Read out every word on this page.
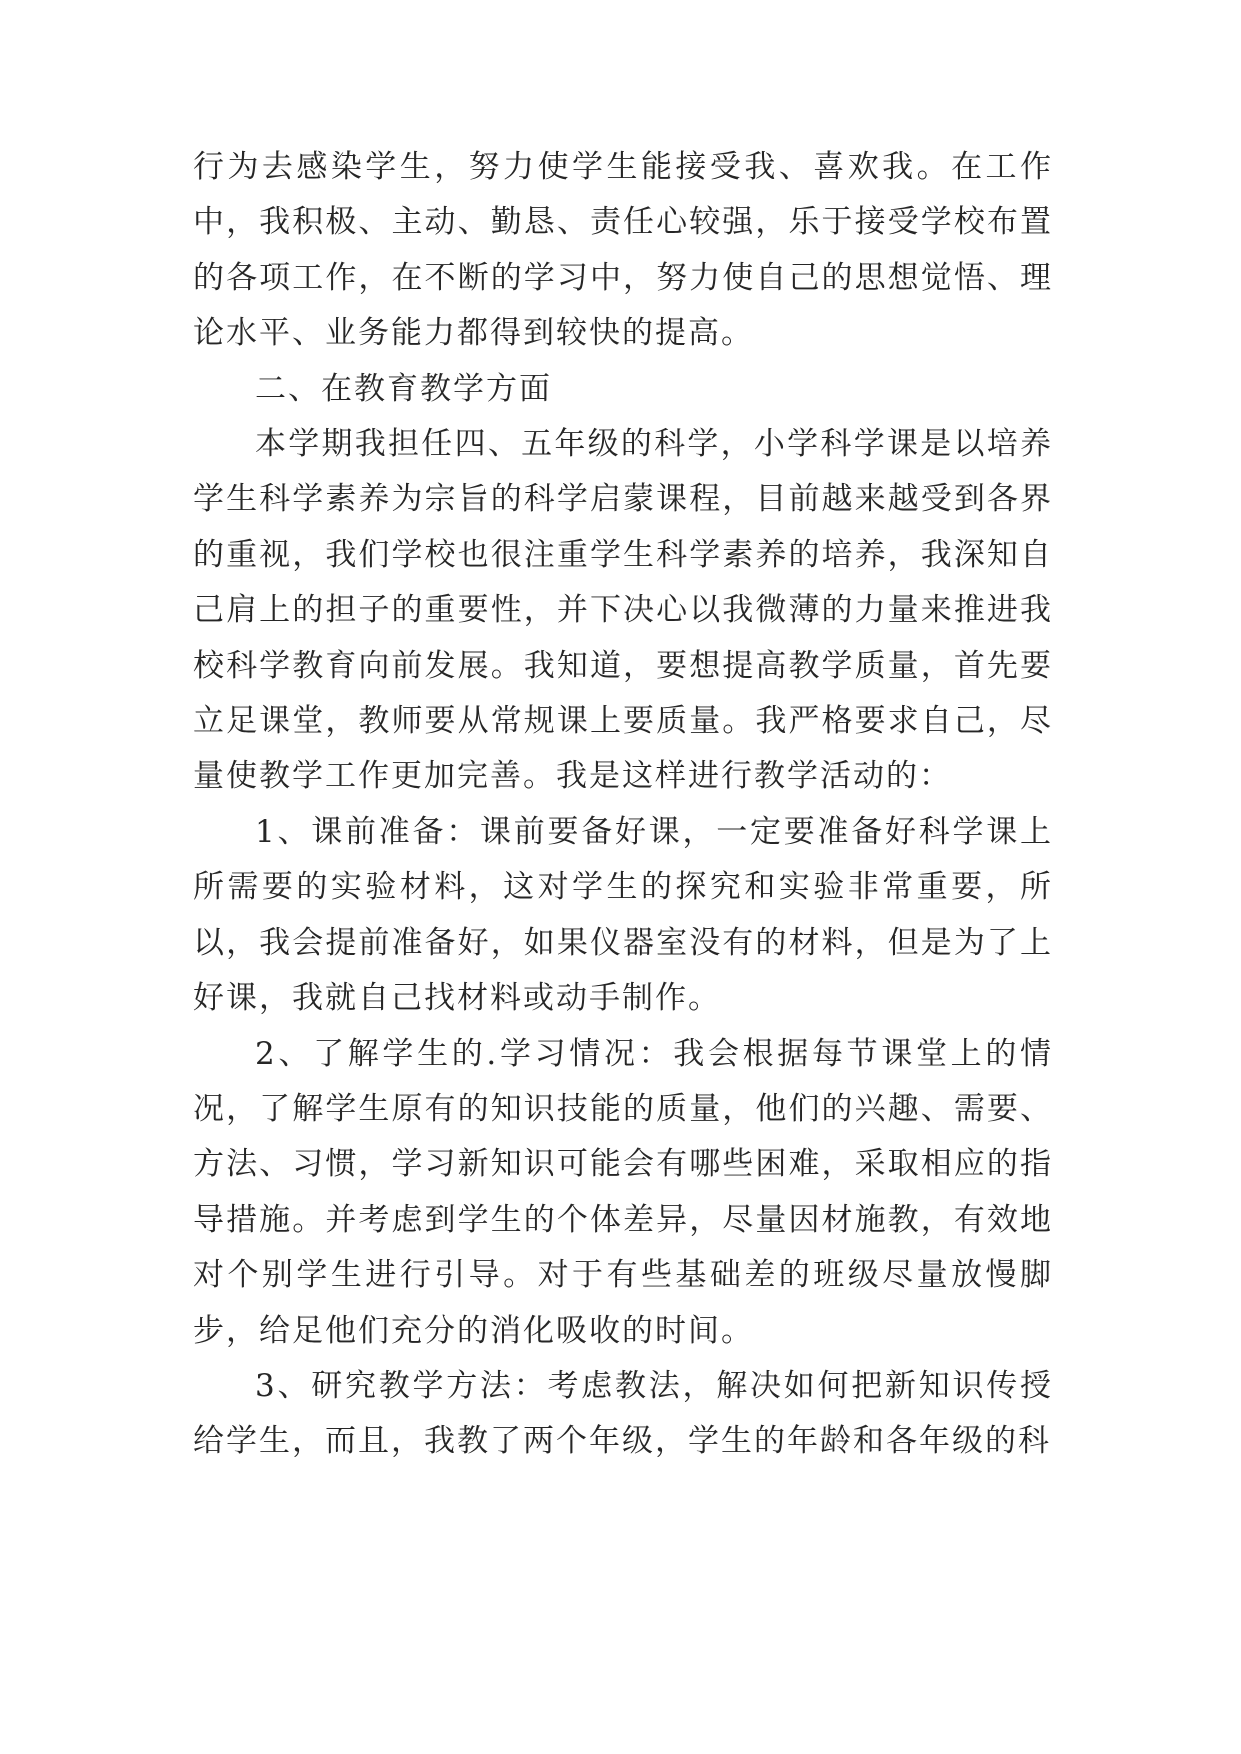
行为去感染学生，努力使学生能接受我、喜欢我。在工作中，我积极、主动、勤恳、责任心较强，乐于接受学校布置的各项工作，在不断的学习中，努力使自己的思想觉悟、理论水平、业务能力都得到较快的提高。

二、在教育教学方面

本学期我担任四、五年级的科学，小学科学课是以培养学生科学素养为宗旨的科学启蒙课程，目前越来越受到各界的重视，我们学校也很注重学生科学素养的培养，我深知自己肩上的担子的重要性，并下决心以我微薄的力量来推进我校科学教育向前发展。我知道，要想提高教学质量，首先要立足课堂，教师要从常规课上要质量。我严格要求自己，尽量使教学工作更加完善。我是这样进行教学活动的：

1、课前准备：课前要备好课，一定要准备好科学课上所需要的实验材料，这对学生的探究和实验非常重要，所以，我会提前准备好，如果仪器室没有的材料，但是为了上好课，我就自己找材料或动手制作。

2、了解学生的.学习情况：我会根据每节课堂上的情况，了解学生原有的知识技能的质量，他们的兴趣、需要、方法、习惯，学习新知识可能会有哪些困难，采取相应的指导措施。并考虑到学生的个体差异，尽量因材施教，有效地对个别学生进行引导。对于有些基础差的班级尽量放慢脚步，给足他们充分的消化吸收的时间。

3、研究教学方法：考虑教法，解决如何把新知识传授给学生，而且，我教了两个年级，学生的年龄和各年级的科
